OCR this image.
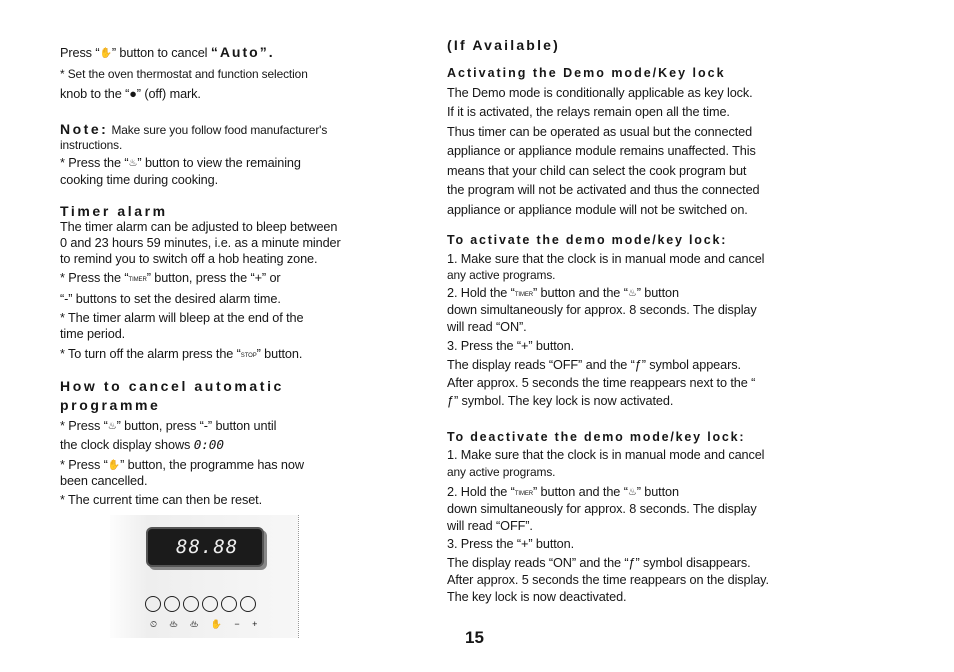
Press “✋” button to cancel “Auto”.

* Set the oven thermostat and function selection

knob to the “●” (off) mark.

Note: Make sure you follow food manufacturer's

instructions.

* Press the “♨” button to view the remaining

cooking time during cooking.

Timer alarm

The timer alarm can be adjusted to bleep between

0 and 23 hours 59 minutes, i.e. as a minute minder

to remind you to switch off a hob heating zone.

* Press the “TIMER” button, press the “+” or

“-” buttons to set the desired alarm time.

* The timer alarm will bleep at the end of the

time period.

* To turn off the alarm press the “STOP” button.

How to cancel automatic

programme

* Press “♨” button, press “-” button until

the clock display shows 0:00

* Press “✋” button, the programme has now

been cancelled.

* The current time can then be reset.

88.88
⏲ ♨ ♨ ✋ − +

(If Available)

Activating the Demo mode/Key lock

The Demo mode is conditionally applicable as key lock.

If it is activated, the relays remain open all the time.

Thus timer can be operated as usual but the connected

appliance or appliance module remains unaffected. This

means that your child can select the cook program but

the program will not be activated and thus the connected

appliance or appliance module will not be switched on.

To activate the demo mode/key lock:

1. Make sure that the clock is in manual mode and cancel

any active programs.

2. Hold the “TIMER” button and the “♨” button

down simultaneously for approx. 8 seconds. The display

will read “ON”.

3. Press the “+” button.

The display reads “OFF” and the “ƒ” symbol appears.

After approx. 5 seconds the time reappears next to the “

ƒ” symbol. The key lock is now activated.

To deactivate the demo mode/key lock:

1. Make sure that the clock is in manual mode and cancel

any active programs.

2. Hold the “TIMER” button and the “♨” button

down simultaneously for approx. 8 seconds. The display

will read “OFF”.

3. Press the “+” button.

The display reads “ON” and the “ƒ” symbol disappears.

After approx. 5 seconds the time reappears on the display.

The key lock is now deactivated.

15
